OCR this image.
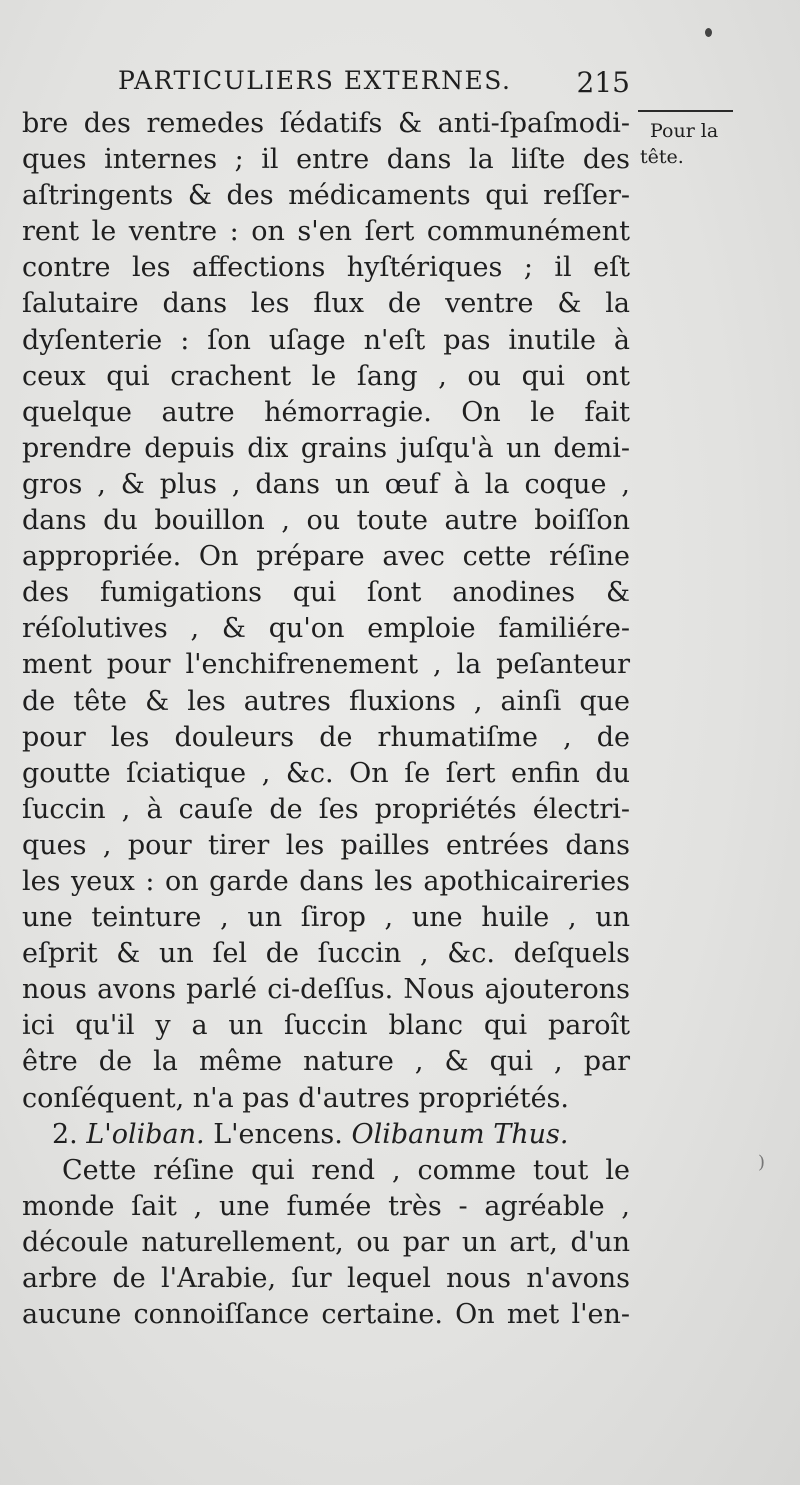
PARTICULIERS EXTERNES. 215
Pour la
tête.
bre des remedes ſédatifs & anti-ſpaſmodi-
ques internes ; il entre dans la liſte des
aſtringents & des médicaments qui reſſer-
rent le ventre : on s'en ſert communément
contre les affections hyſtériques ; il eſt
ſalutaire dans les flux de ventre & la
dyſenterie : ſon uſage n'eſt pas inutile à
ceux qui crachent le ſang , ou qui ont
quelque autre hémorragie. On le fait
prendre depuis dix grains juſqu'à un demi-
gros , & plus , dans un œuf à la coque ,
dans du bouillon , ou toute autre boiſſon
appropriée. On prépare avec cette réſine
des fumigations qui ſont anodines &
réſolutives , & qu'on emploie familiére-
ment pour l'enchifrenement , la peſanteur
de tête & les autres fluxions , ainſi que
pour les douleurs de rhumatiſme , de
goutte ſciatique , &c. On ſe ſert enfin du
ſuccin , à cauſe de ſes propriétés électri-
ques , pour tirer les pailles entrées dans
les yeux : on garde dans les apothicaireries
une teinture , un ſirop , une huile , un
eſprit & un ſel de ſuccin , &c. deſquels
nous avons parlé ci-deſſus. Nous ajouterons
ici qu'il y a un ſuccin blanc qui paroît
être de la même nature , & qui , par
conſéquent, n'a pas d'autres propriétés.
2. L'oliban. L'encens. Olibanum Thus.
Cette réſine qui rend , comme tout le
monde ſait , une fumée très - agréable ,
découle naturellement, ou par un art, d'un
arbre de l'Arabie, ſur lequel nous n'avons
aucune connoiſſance certaine. On met l'en-
)
